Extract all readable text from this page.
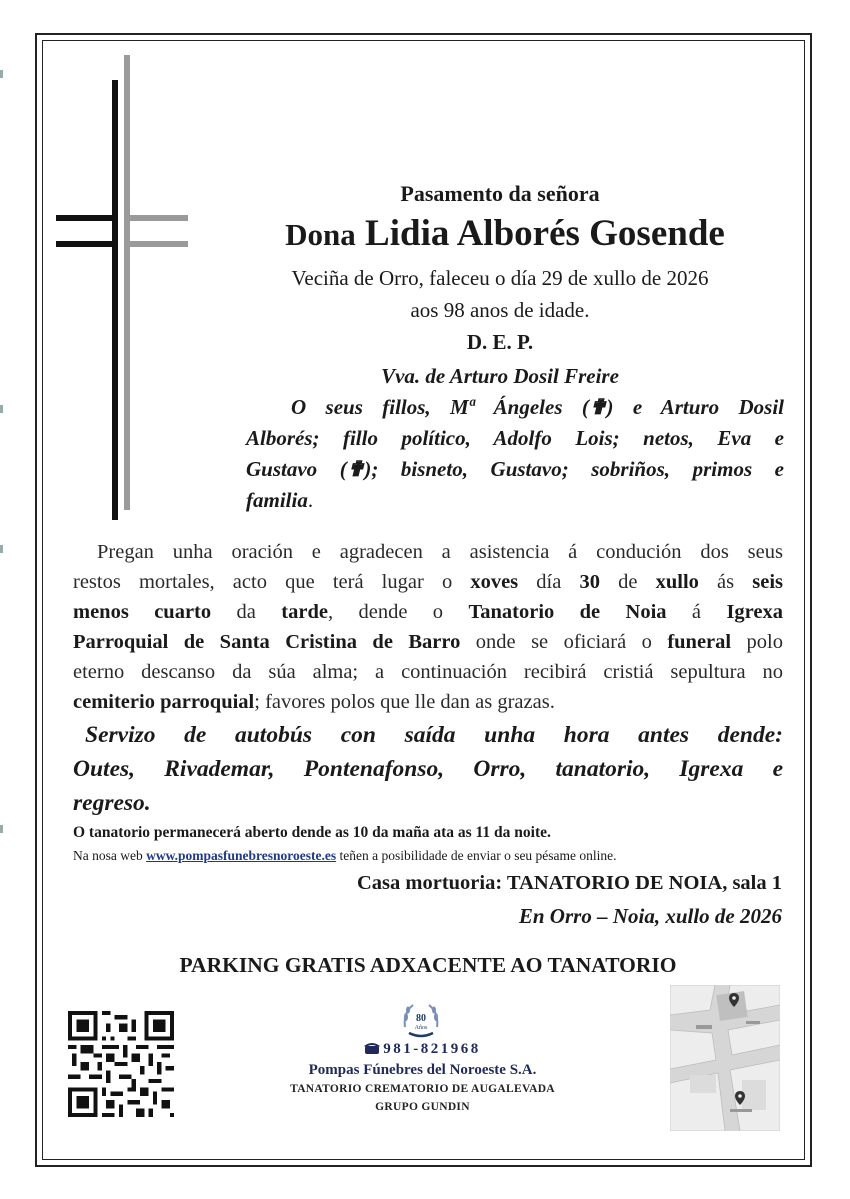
Pasamento da señora
Dona Lidia Alborés Gosende
Veciña de Orro, faleceu o día 29 de xullo de 2026
aos 98 anos de idade.
D. E. P.
Vva. de Arturo Dosil Freire
O seus fillos, Mª Ángeles (✟) e Arturo Dosil
Alborés; fillo político, Adolfo Lois; netos, Eva e
Gustavo (✟); bisneto, Gustavo; sobriños, primos e
familia.
Pregan unha oración e agradecen a asistencia á condución dos seus
restos mortales, acto que terá lugar o xoves día 30 de xullo ás seis
menos cuarto da tarde, dende o Tanatorio de Noia á Igrexa
Parroquial de Santa Cristina de Barro onde se oficiará o funeral polo
eterno descanso da súa alma; a continuación recibirá cristiá sepultura no
cemiterio parroquial; favores polos que lle dan as grazas.
Servizo de autobús con saída unha hora antes dende:
Outes, Rivademar, Pontenafonso, Orro, tanatorio, Igrexa e
regreso.
O tanatorio permanecerá aberto dende as 10 da maña ata as 11 da noite.
Na nosa web www.pompasfunebresnoroeste.es teñen a posibilidade de enviar o seu pésame online.
Casa mortuoria: TANATORIO DE NOIA, sala 1
En Orro – Noia, xullo de 2026
PARKING GRATIS ADXACENTE AO TANATORIO
80
Años
981-821968
Pompas Fúnebres del Noroeste S.A.
TANATORIO CREMATORIO DE AUGALEVADA
GRUPO GUNDIN
